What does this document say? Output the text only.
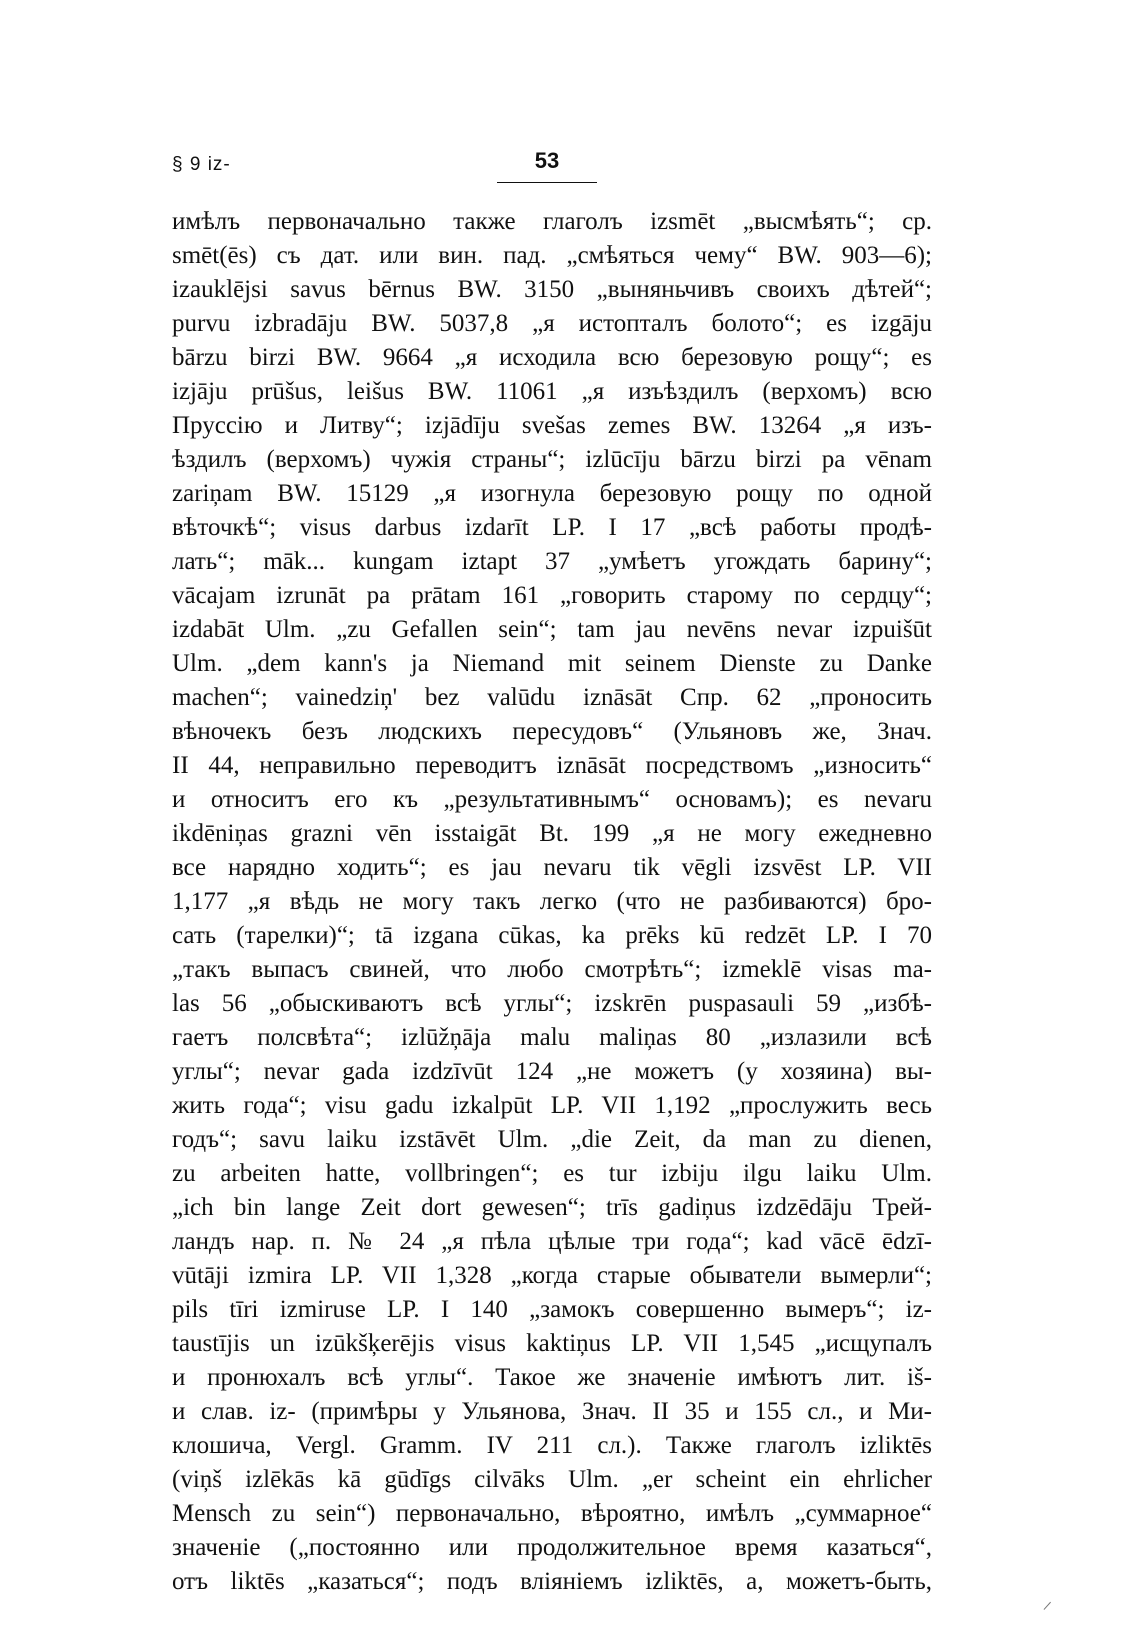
§ 9 iz-	53
имѣлъ первоначально также глаголъ izsmēt „высмѣять“; ср.
smēt(ēs) съ дат. или вин. пад. „смѣяться чему“ BW. 903—6);
izauklējsi savus bērnus BW. 3150 „выняньчивъ своихъ дѣтей“;
purvu izbradāju BW. 5037,8 „я истопталъ болото“; es izgāju
bārzu birzi BW. 9664 „я исходила всю березовую рощу“; es
izjāju prūšus, leišus BW. 11061 „я изъѣздилъ (верхомъ) всю
Пруссію и Литву“; izjādīju svešas zemes BW. 13264 „я изъ-
ѣздилъ (верхомъ) чужія страны“; izlūcīju bārzu birzi pa vēnam
zariņam BW. 15129 „я изогнула березовую рощу по одной
вѣточкѣ“; visus darbus izdarīt LP. I 17 „всѣ работы продѣ-
лать“; māk... kungam iztapt 37 „умѣетъ угождать барину“;
vācajam izrunāt pa prātam 161 „говорить старому по сердцу“;
izdabāt Ulm. „zu Gefallen sein“; tam jau nevēns nevar izpuišūt
Ulm. „dem kann's ja Niemand mit seinem Dienste zu Danke
machen“; vainedziņ' bez valūdu iznāsāt Спр. 62 „проносить
вѣночекъ безъ людскихъ пересудовъ“ (Ульяновъ же, Знач.
II 44, неправильно переводитъ iznāsāt посредствомъ „износить“
и относитъ его къ „результативнымъ“ основамъ); es nevaru
ikdēniņas grazni vēn isstaigāt Bt. 199 „я не могу ежедневно
все нарядно ходить“; es jau nevaru tik vēgli izsvēst LP. VII
1,177 „я вѣдь не могу такъ легко (что не разбиваются) бро-
сать (тарелки)“; tā izgana cūkas, ka prēks kū redzēt LP. I 70
„такъ выпасъ свиней, что любо смотрѣть“; izmeklē visas ma-
las 56 „обыскиваютъ всѣ углы“; izskrēn puspasauli 59 „избѣ-
гаетъ полсвѣта“; izlūžņāja malu maliņas 80 „излазили всѣ
углы“; nevar gada izdzīvūt 124 „не можетъ (у хозяина) вы-
жить года“; visu gadu izkalpūt LP. VII 1,192 „прослужить весь
годъ“; savu laiku izstāvēt Ulm. „die Zeit, da man zu dienen,
zu arbeiten hatte, vollbringen“; es tur izbiju ilgu laiku Ulm.
„ich bin lange Zeit dort gewesen“; trīs gadiņus izdzēdāju Трей-
ландъ нар. п. № 24 „я пѣла цѣлые три года“; kad vācē ēdzī-
vūtāji izmira LP. VII 1,328 „когда старые обыватели вымерли“;
pils tīri izmiruse LP. I 140 „замокъ совершенно вымеръ“; iz-
taustījis un izūkšķerējis visus kaktiņus LP. VII 1,545 „исщупалъ
и пронюхалъ всѣ углы“. Такое же значеніе имѣютъ лит. iš-
и слав. iz- (примѣры у Ульянова, Знач. II 35 и 155 сл., и Ми-
клошича, Vergl. Gramm. IV 211 сл.). Также глаголъ izliktēs
(viņš izlēkās kā gūdīgs cilvāks Ulm. „er scheint ein ehrlicher
Mensch zu sein“) первоначально, вѣроятно, имѣлъ „суммарное“
значеніе („постоянно или продолжительное время казаться“,
отъ liktēs „казаться“; подъ вліяніемъ izliktēs, а, можетъ-быть,
